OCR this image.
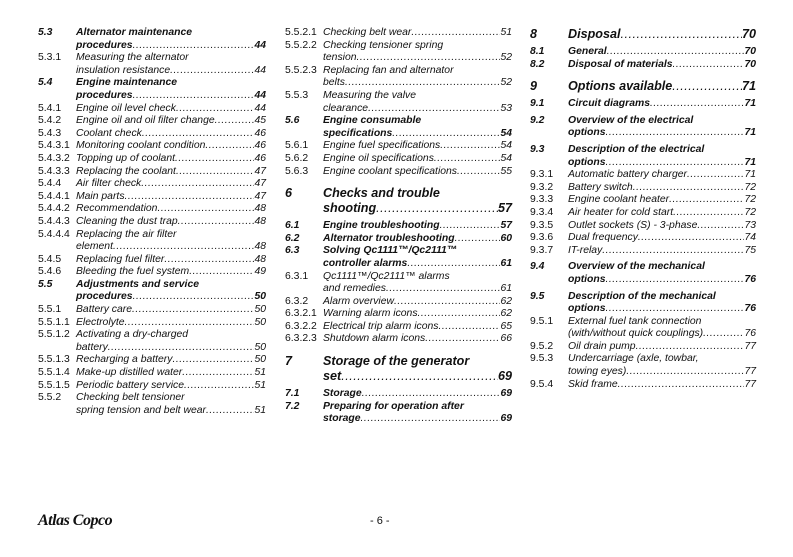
5.3	Alternator maintenance
procedures .....	44
5.3.1	Measuring the alternator
insulation resistance .....	44
5.4	Engine maintenance
procedures .....	44
5.4.1	Engine oil level check .....	44
5.4.2	Engine oil and oil filter change .....	45
5.4.3	Coolant check .....	46
5.4.3.1 Monitoring coolant condition .....	46
5.4.3.2 Topping up of coolant .....	46
5.4.3.3 Replacing the coolant .....	47
5.4.4	Air filter check .....	47
5.4.4.1 Main parts .....	47
5.4.4.2 Recommendation .....	48
5.4.4.3 Cleaning the dust trap .....	48
5.4.4.4 Replacing the air filter
element .....	48
5.4.5	Replacing fuel filter .....	48
5.4.6	Bleeding the fuel system .....	49
5.5	Adjustments and service
procedures .....	50
5.5.1	Battery care .....	50
5.5.1.1 Electrolyte .....	50
5.5.1.2 Activating a dry-charged
battery .....	50
5.5.1.3 Recharging a battery .....	50
5.5.1.4 Make-up distilled water .....	51
5.5.1.5 Periodic battery service .....	51
5.5.2	Checking belt tensioner
spring tension and belt wear .....	51
5.5.2.1 Checking belt wear .....	51
5.5.2.2 Checking tensioner spring
tension .....	52
5.5.2.3 Replacing fan and alternator
belts .....	52
5.5.3	Measuring the valve
clearance .....	53
5.6	Engine consumable
specifications .....	54
5.6.1	Engine fuel specifications .....	54
5.6.2	Engine oil specifications .....	54
5.6.3	Engine coolant specifications .....	55
6	Checks and trouble
shooting .....	57
6.1	Engine troubleshooting .....	57
6.2	Alternator troubleshooting .....	60
6.3	Solving Qc1111™/Qc2111™
controller alarms .....	61
6.3.1	Qc1111™/Qc2111™ alarms
and remedies .....	61
6.3.2	Alarm overview .....	62
6.3.2.1 Warning alarm icons .....	62
6.3.2.2 Electrical trip alarm icons .....	65
6.3.2.3 Shutdown alarm icons .....	66
7	Storage of the generator
set .....	69
7.1	Storage .....	69
7.2	Preparing for operation after
storage .....	69
8	Disposal .....	70
8.1	General .....	70
8.2	Disposal of materials .....	70
9	Options available .....	71
9.1	Circuit diagrams .....	71
9.2	Overview of the electrical
options .....	71
9.3	Description of the electrical
options .....	71
9.3.1	Automatic battery charger .....	71
9.3.2	Battery switch .....	72
9.3.3	Engine coolant heater .....	72
9.3.4	Air heater for cold start .....	72
9.3.5	Outlet sockets (S) - 3-phase .....	73
9.3.6	Dual frequency .....	74
9.3.7	IT-relay .....	75
9.4	Overview of the mechanical
options .....	76
9.5	Description of the mechanical
options .....	76
9.5.1	External fuel tank connection
(with/without quick couplings) .....	76
9.5.2	Oil drain pump .....	77
9.5.3	Undercarriage (axle, towbar,
towing eyes) .....	77
9.5.4	Skid frame .....	77
Atlas Copco	- 6 -
